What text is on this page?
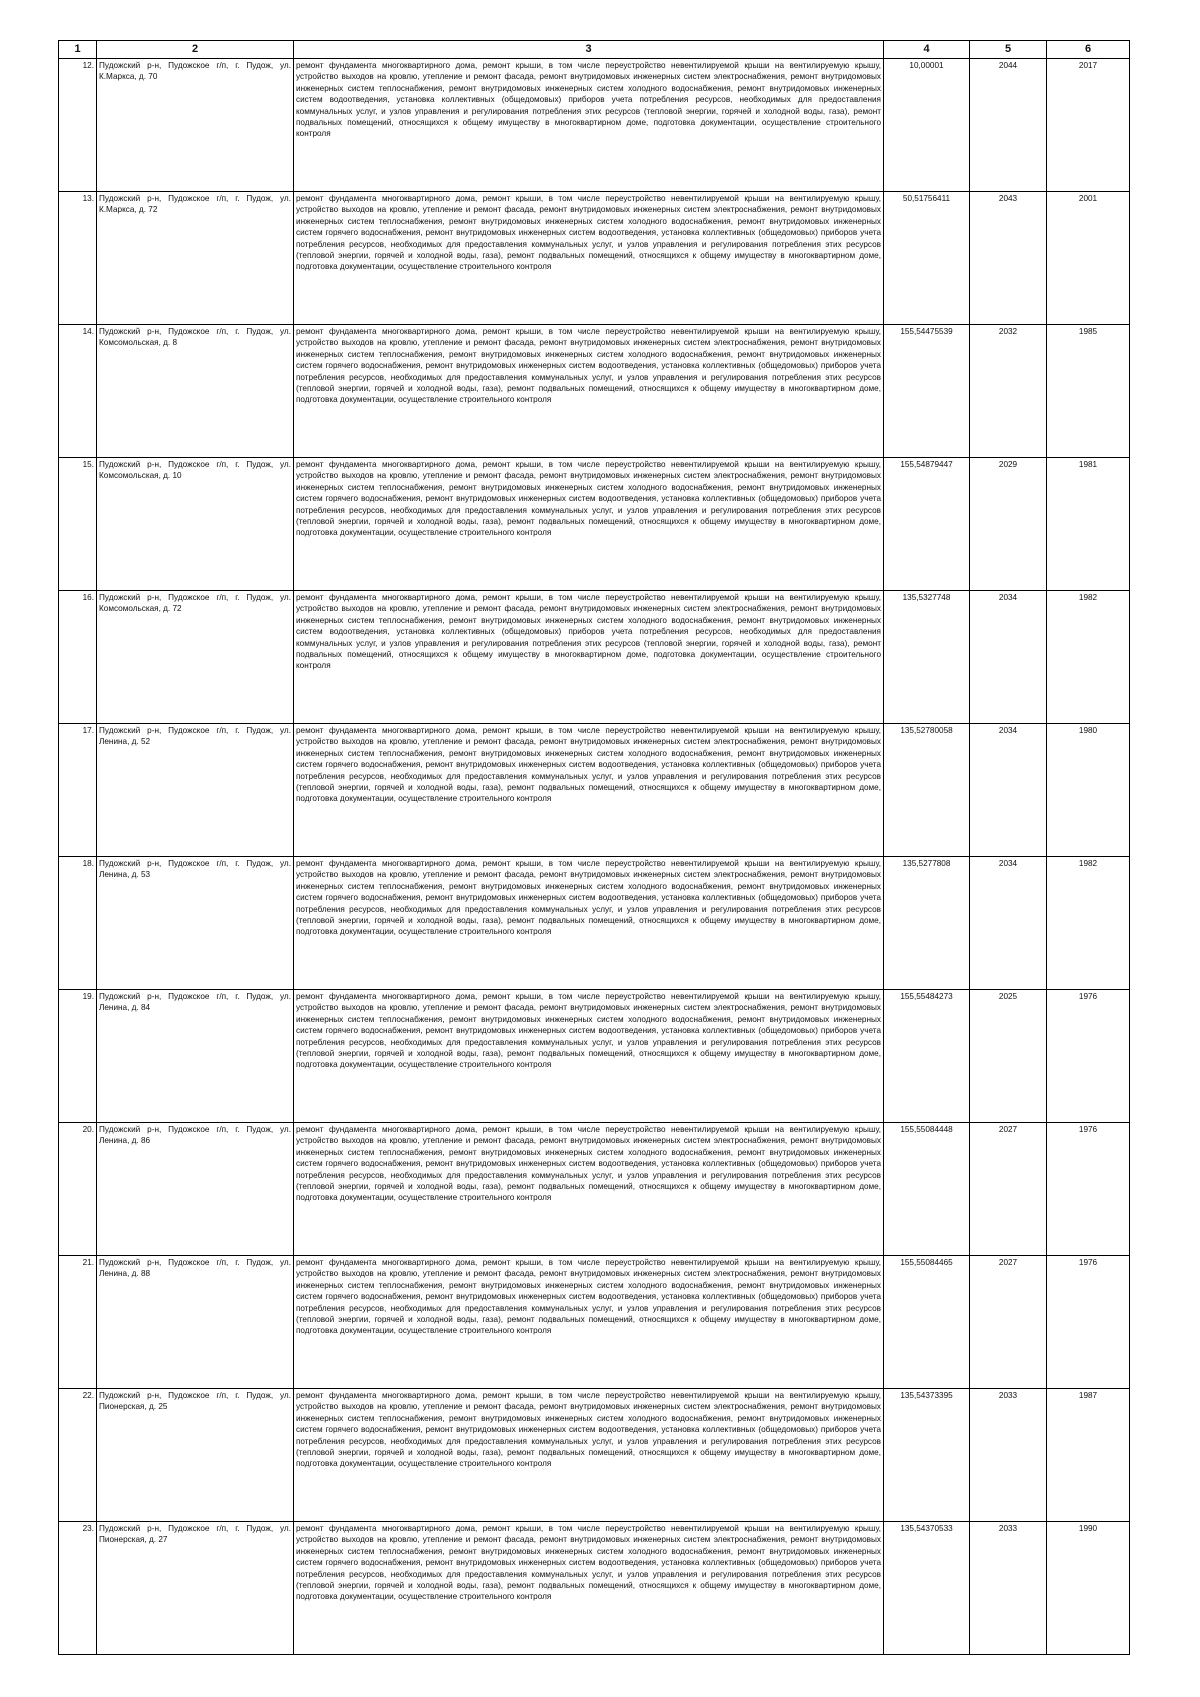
1	2	3	4	5	6
12.	Пудожский р-н, Пудожское г/п, г. Пудож, ул. К.Маркса, д. 70	ремонт фундамента многоквартирного дома, ремонт крыши, в том числе переустройство невентилируемой крыши на вентилируемую крышу, устройство выходов на кровлю, утепление и ремонт фасада, ремонт внутридомовых инженерных систем электроснабжения, ремонт внутридомовых инженерных систем теплоснабжения, ремонт внутридомовых инженерных систем холодного водоснабжения, ремонт внутридомовых инженерных систем водоотведения, установка коллективных (общедомовых) приборов учета потребления ресурсов, необходимых для предоставления коммунальных услуг, и узлов управления и регулирования потребления этих ресурсов (тепловой энергии, горячей и холодной воды, газа), ремонт подвальных помещений, относящихся к общему имуществу в многоквартирном доме, подготовка документации, осуществление строительного контроля	10,00001	2044	2017
13.	Пудожский р-н, Пудожское г/п, г. Пудож, ул. К.Маркса, д. 72	ремонт фундамента многоквартирного дома, ремонт крыши, в том числе переустройство невентилируемой крыши на вентилируемую крышу, устройство выходов на кровлю, утепление и ремонт фасада, ремонт внутридомовых инженерных систем электроснабжения, ремонт внутридомовых инженерных систем теплоснабжения, ремонт внутридомовых инженерных систем холодного водоснабжения, ремонт внутридомовых инженерных систем горячего водоснабжения, ремонт внутридомовых инженерных систем водоотведения, установка коллективных (общедомовых) приборов учета потребления ресурсов, необходимых для предоставления коммунальных услуг, и узлов управления и регулирования потребления этих ресурсов (тепловой энергии, горячей и холодной воды, газа), ремонт подвальных помещений, относящихся к общему имуществу в многоквартирном доме, подготовка документации, осуществление строительного контроля	50,51756411	2043	2001
14.	Пудожский р-н, Пудожское г/п, г. Пудож, ул. Комсомольская, д. 8	ремонт фундамента многоквартирного дома, ремонт крыши, в том числе переустройство невентилируемой крыши на вентилируемую крышу, устройство выходов на кровлю, утепление и ремонт фасада, ремонт внутридомовых инженерных систем электроснабжения, ремонт внутридомовых инженерных систем теплоснабжения, ремонт внутридомовых инженерных систем холодного водоснабжения, ремонт внутридомовых инженерных систем горячего водоснабжения, ремонт внутридомовых инженерных систем водоотведения, установка коллективных (общедомовых) приборов учета потребления ресурсов, необходимых для предоставления коммунальных услуг, и узлов управления и регулирования потребления этих ресурсов (тепловой энергии, горячей и холодной воды, газа), ремонт подвальных помещений, относящихся к общему имуществу в многоквартирном доме, подготовка документации, осуществление строительного контроля	155,54475539	2032	1985
15.	Пудожский р-н, Пудожское г/п, г. Пудож, ул. Комсомольская, д. 10	ремонт фундамента многоквартирного дома, ремонт крыши, в том числе переустройство невентилируемой крыши на вентилируемую крышу, устройство выходов на кровлю, утепление и ремонт фасада, ремонт внутридомовых инженерных систем электроснабжения, ремонт внутридомовых инженерных систем теплоснабжения, ремонт внутридомовых инженерных систем холодного водоснабжения, ремонт внутридомовых инженерных систем горячего водоснабжения, ремонт внутридомовых инженерных систем водоотведения, установка коллективных (общедомовых) приборов учета потребления ресурсов, необходимых для предоставления коммунальных услуг, и узлов управления и регулирования потребления этих ресурсов (тепловой энергии, горячей и холодной воды, газа), ремонт подвальных помещений, относящихся к общему имуществу в многоквартирном доме, подготовка документации, осуществление строительного контроля	155,54879447	2029	1981
16.	Пудожский р-н, Пудожское г/п, г. Пудож, ул. Комсомольская, д. 72	ремонт фундамента многоквартирного дома, ремонт крыши, в том числе переустройство невентилируемой крыши на вентилируемую крышу, устройство выходов на кровлю, утепление и ремонт фасада, ремонт внутридомовых инженерных систем электроснабжения, ремонт внутридомовых инженерных систем теплоснабжения, ремонт внутридомовых инженерных систем холодного водоснабжения, ремонт внутридомовых инженерных систем водоотведения, установка коллективных (общедомовых) приборов учета потребления ресурсов, необходимых для предоставления коммунальных услуг, и узлов управления и регулирования потребления этих ресурсов (тепловой энергии, горячей и холодной воды, газа), ремонт подвальных помещений, относящихся к общему имуществу в многоквартирном доме, подготовка документации, осуществление строительного контроля	135,5327748	2034	1982
17.	Пудожский р-н, Пудожское г/п, г. Пудож, ул. Ленина, д. 52	ремонт фундамента многоквартирного дома, ремонт крыши, в том числе переустройство невентилируемой крыши на вентилируемую крышу, устройство выходов на кровлю, утепление и ремонт фасада, ремонт внутридомовых инженерных систем электроснабжения, ремонт внутридомовых инженерных систем теплоснабжения, ремонт внутридомовых инженерных систем холодного водоснабжения, ремонт внутридомовых инженерных систем горячего водоснабжения, ремонт внутридомовых инженерных систем водоотведения, установка коллективных (общедомовых) приборов учета потребления ресурсов, необходимых для предоставления коммунальных услуг, и узлов управления и регулирования потребления этих ресурсов (тепловой энергии, горячей и холодной воды, газа), ремонт подвальных помещений, относящихся к общему имуществу в многоквартирном доме, подготовка документации, осуществление строительного контроля	135,52780058	2034	1980
18.	Пудожский р-н, Пудожское г/п, г. Пудож, ул. Ленина, д. 53	ремонт фундамента многоквартирного дома, ремонт крыши, в том числе переустройство невентилируемой крыши на вентилируемую крышу, устройство выходов на кровлю, утепление и ремонт фасада, ремонт внутридомовых инженерных систем электроснабжения, ремонт внутридомовых инженерных систем теплоснабжения, ремонт внутридомовых инженерных систем холодного водоснабжения, ремонт внутридомовых инженерных систем горячего водоснабжения, ремонт внутридомовых инженерных систем водоотведения, установка коллективных (общедомовых) приборов учета потребления ресурсов, необходимых для предоставления коммунальных услуг, и узлов управления и регулирования потребления этих ресурсов (тепловой энергии, горячей и холодной воды, газа), ремонт подвальных помещений, относящихся к общему имуществу в многоквартирном доме, подготовка документации, осуществление строительного контроля	135,5277808	2034	1982
19.	Пудожский р-н, Пудожское г/п, г. Пудож, ул. Ленина, д. 84	ремонт фундамента многоквартирного дома, ремонт крыши, в том числе переустройство невентилируемой крыши на вентилируемую крышу, устройство выходов на кровлю, утепление и ремонт фасада, ремонт внутридомовых инженерных систем электроснабжения, ремонт внутридомовых инженерных систем теплоснабжения, ремонт внутридомовых инженерных систем холодного водоснабжения, ремонт внутридомовых инженерных систем горячего водоснабжения, ремонт внутридомовых инженерных систем водоотведения, установка коллективных (общедомовых) приборов учета потребления ресурсов, необходимых для предоставления коммунальных услуг, и узлов управления и регулирования потребления этих ресурсов (тепловой энергии, горячей и холодной воды, газа), ремонт подвальных помещений, относящихся к общему имуществу в многоквартирном доме, подготовка документации, осуществление строительного контроля	155,55484273	2025	1976
20.	Пудожский р-н, Пудожское г/п, г. Пудож, ул. Ленина, д. 86	ремонт фундамента многоквартирного дома, ремонт крыши, в том числе переустройство невентилируемой крыши на вентилируемую крышу, устройство выходов на кровлю, утепление и ремонт фасада, ремонт внутридомовых инженерных систем электроснабжения, ремонт внутридомовых инженерных систем теплоснабжения, ремонт внутридомовых инженерных систем холодного водоснабжения, ремонт внутридомовых инженерных систем горячего водоснабжения, ремонт внутридомовых инженерных систем водоотведения, установка коллективных (общедомовых) приборов учета потребления ресурсов, необходимых для предоставления коммунальных услуг, и узлов управления и регулирования потребления этих ресурсов (тепловой энергии, горячей и холодной воды, газа), ремонт подвальных помещений, относящихся к общему имуществу в многоквартирном доме, подготовка документации, осуществление строительного контроля	155,55084448	2027	1976
21.	Пудожский р-н, Пудожское г/п, г. Пудож, ул. Ленина, д. 88	ремонт фундамента многоквартирного дома, ремонт крыши, в том числе переустройство невентилируемой крыши на вентилируемую крышу, устройство выходов на кровлю, утепление и ремонт фасада, ремонт внутридомовых инженерных систем электроснабжения, ремонт внутридомовых инженерных систем теплоснабжения, ремонт внутридомовых инженерных систем холодного водоснабжения, ремонт внутридомовых инженерных систем горячего водоснабжения, ремонт внутридомовых инженерных систем водоотведения, установка коллективных (общедомовых) приборов учета потребления ресурсов, необходимых для предоставления коммунальных услуг, и узлов управления и регулирования потребления этих ресурсов (тепловой энергии, горячей и холодной воды, газа), ремонт подвальных помещений, относящихся к общему имуществу в многоквартирном доме, подготовка документации, осуществление строительного контроля	155,55084465	2027	1976
22.	Пудожский р-н, Пудожское г/п, г. Пудож, ул. Пионерская, д. 25	ремонт фундамента многоквартирного дома, ремонт крыши, в том числе переустройство невентилируемой крыши на вентилируемую крышу, устройство выходов на кровлю, утепление и ремонт фасада, ремонт внутридомовых инженерных систем электроснабжения, ремонт внутридомовых инженерных систем теплоснабжения, ремонт внутридомовых инженерных систем холодного водоснабжения, ремонт внутридомовых инженерных систем горячего водоснабжения, ремонт внутридомовых инженерных систем водоотведения, установка коллективных (общедомовых) приборов учета потребления ресурсов, необходимых для предоставления коммунальных услуг, и узлов управления и регулирования потребления этих ресурсов (тепловой энергии, горячей и холодной воды, газа), ремонт подвальных помещений, относящихся к общему имуществу в многоквартирном доме, подготовка документации, осуществление строительного контроля	135,54373395	2033	1987
23.	Пудожский р-н, Пудожское г/п, г. Пудож, ул. Пионерская, д. 27	ремонт фундамента многоквартирного дома, ремонт крыши, в том числе переустройство невентилируемой крыши на вентилируемую крышу, устройство выходов на кровлю, утепление и ремонт фасада, ремонт внутридомовых инженерных систем электроснабжения, ремонт внутридомовых инженерных систем теплоснабжения, ремонт внутридомовых инженерных систем холодного водоснабжения, ремонт внутридомовых инженерных систем горячего водоснабжения, ремонт внутридомовых инженерных систем водоотведения, установка коллективных (общедомовых) приборов учета потребления ресурсов, необходимых для предоставления коммунальных услуг, и узлов управления и регулирования потребления этих ресурсов (тепловой энергии, горячей и холодной воды, газа), ремонт подвальных помещений, относящихся к общему имуществу в многоквартирном доме, подготовка документации, осуществление строительного контроля	135,54370533	2033	1990
